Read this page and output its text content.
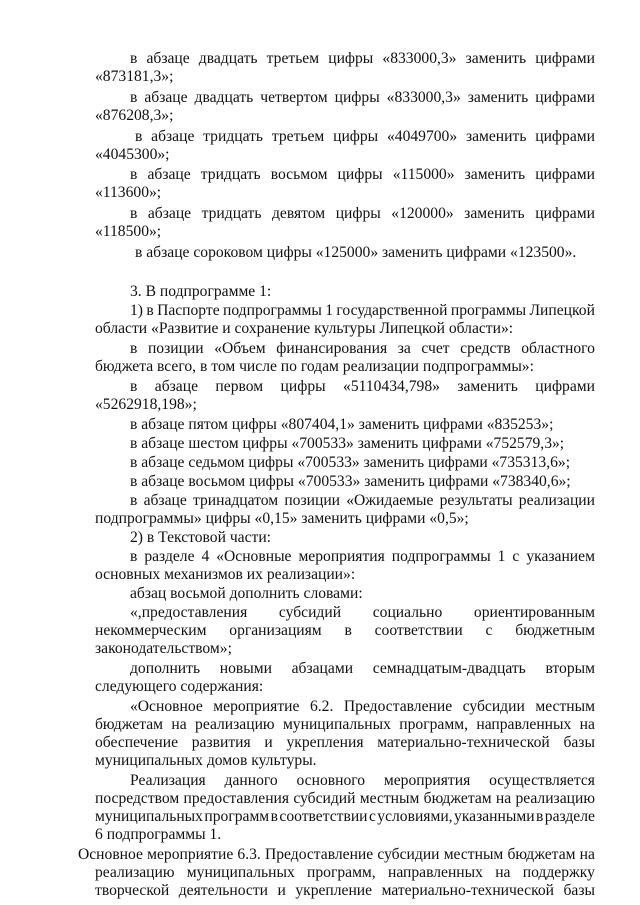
в абзаце двадцать третьем цифры «833000,3» заменить цифрами
«873181,3»;
в абзаце двадцать четвертом цифры «833000,3» заменить цифрами
«876208,3»;
в абзаце тридцать третьем цифры «4049700» заменить цифрами
«4045300»;
в абзаце тридцать восьмом цифры «115000» заменить цифрами
«113600»;
в абзаце тридцать девятом цифры «120000» заменить цифрами
«118500»;
в абзаце сороковом цифры «125000» заменить цифрами «123500».
3. В подпрограмме 1:
1) в Паспорте подпрограммы 1 государственной программы Липецкой
области «Развитие и сохранение культуры Липецкой области»:
в позиции «Объем финансирования за счет средств областного
бюджета всего, в том числе по годам реализации подпрограммы»:
в абзаце первом цифры «5110434,798» заменить цифрами
«5262918,198»;
в абзаце пятом цифры «807404,1» заменить цифрами «835253»;
в абзаце шестом цифры «700533» заменить цифрами «752579,3»;
в абзаце седьмом цифры «700533» заменить цифрами «735313,6»;
в абзаце восьмом цифры «700533» заменить цифрами «738340,6»;
в абзаце тринадцатом позиции «Ожидаемые результаты реализации
подпрограммы» цифры «0,15» заменить цифрами «0,5»;
2) в Текстовой части:
в разделе 4 «Основные мероприятия подпрограммы 1 с указанием
основных механизмов их реализации»:
абзац восьмой дополнить словами:
«,предоставления субсидий социально ориентированным
некоммерческим организациям в соответствии с бюджетным
законодательством»;
дополнить новыми абзацами семнадцатым-двадцать вторым
следующего содержания:
«Основное мероприятие 6.2. Предоставление субсидии местным
бюджетам на реализацию муниципальных программ, направленных на
обеспечение развития и укрепления материально-технической базы
муниципальных домов культуры.
Реализация данного основного мероприятия осуществляется
посредством предоставления субсидий местным бюджетам на реализацию
муниципальных программ в соответствии с условиями, указанными в разделе
6 подпрограммы 1.
Основное мероприятие 6.3. Предоставление субсидии местным бюджетам на
реализацию муниципальных программ, направленных на поддержку
творческой деятельности и укрепление материально-технической базы
